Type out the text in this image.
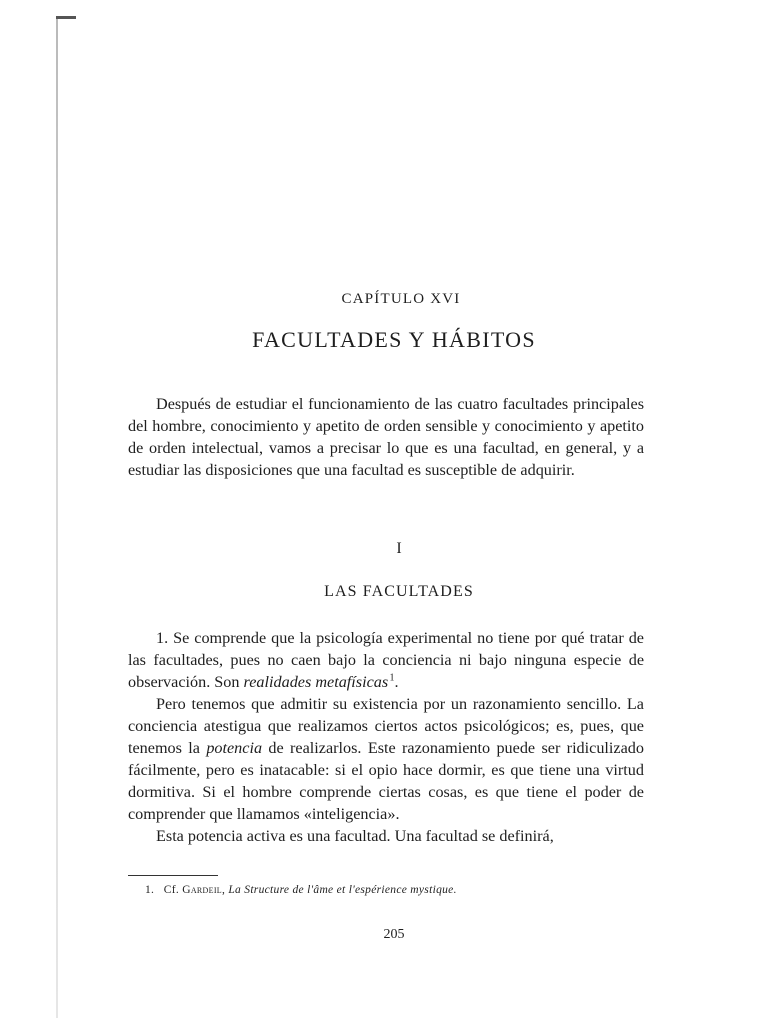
CAPÍTULO XVI
FACULTADES Y HÁBITOS

Después de estudiar el funcionamiento de las cuatro facultades principales del hombre, conocimiento y apetito de orden sensible y conocimiento y apetito de orden intelectual, vamos a precisar lo que es una facultad, en general, y a estudiar las disposiciones que una facultad es susceptible de adquirir.

I
LAS FACULTADES

1. Se comprende que la psicología experimental no tiene por qué tratar de las facultades, pues no caen bajo la conciencia ni bajo ninguna especie de observación. Son realidades metafísicas $^1$.

Pero tenemos que admitir su existencia por un razonamiento sencillo. La conciencia atestigua que realizamos ciertos actos psicológicos; es, pues, que tenemos la potencia de realizarlos. Este razonamiento puede ser ridiculizado fácilmente, pero es inatacable: si el opio hace dormir, es que tiene una virtud dormitiva. Si el hombre comprende ciertas cosas, es que tiene el poder de comprender que llamamos «inteligencia».

Esta potencia activa es una facultad. Una facultad se definirá,

1. Cf. Gardeil, La Structure de l'âme et l'espérience mystique.
205
